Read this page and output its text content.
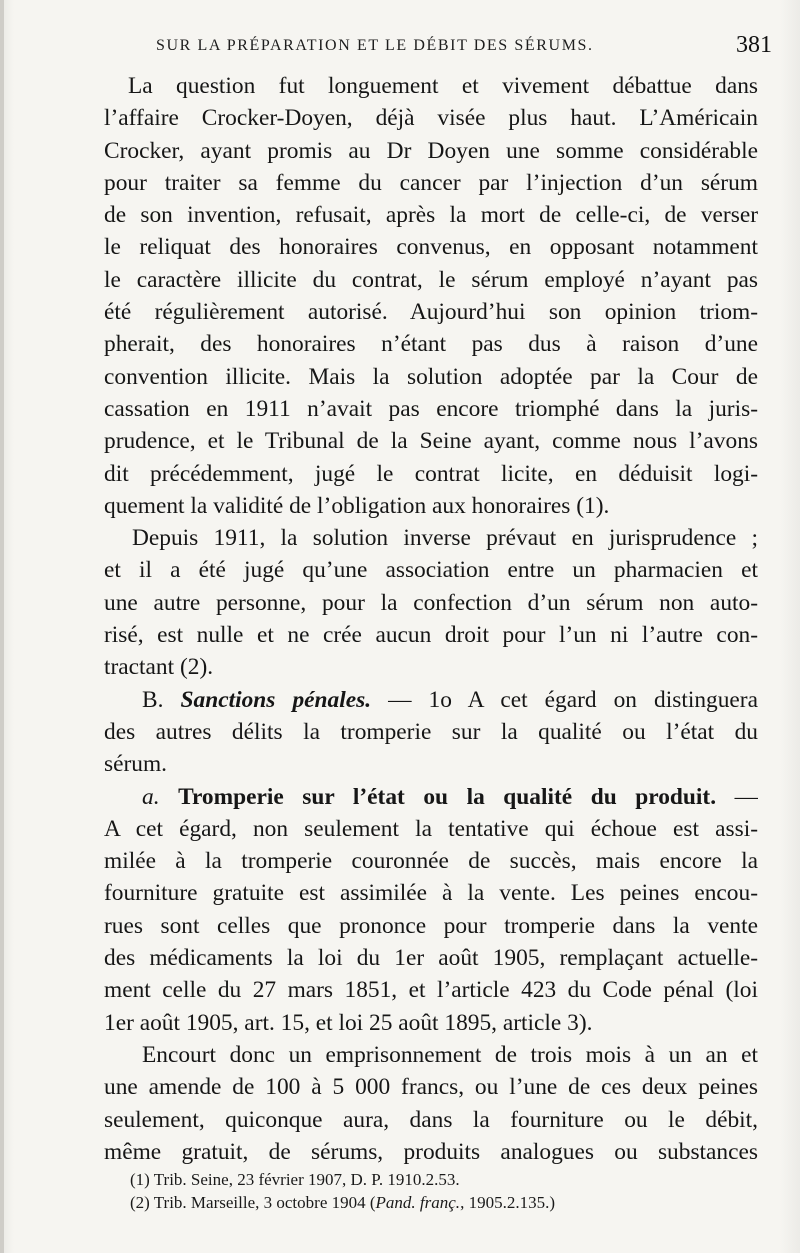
SUR LA PRÉPARATION ET LE DÉBIT DES SÉRUMS.	381
La question fut longuement et vivement débattue dans
l’affaire Crocker-Doyen, déjà visée plus haut. L’Américain
Crocker, ayant promis au Dr Doyen une somme considérable
pour traiter sa femme du cancer par l’injection d’un sérum
de son invention, refusait, après la mort de celle-ci, de verser
le reliquat des honoraires convenus, en opposant notamment
le caractère illicite du contrat, le sérum employé n’ayant pas
été régulièrement autorisé. Aujourd’hui son opinion triom-
pherait, des honoraires n’étant pas dus à raison d’une
convention illicite. Mais la solution adoptée par la Cour de
cassation en 1911 n’avait pas encore triomphé dans la juris-
prudence, et le Tribunal de la Seine ayant, comme nous l’avons
dit précédemment, jugé le contrat licite, en déduisit logi-
quement la validité de l’obligation aux honoraires (1).
Depuis 1911, la solution inverse prévaut en jurisprudence ;
et il a été jugé qu’une association entre un pharmacien et
une autre personne, pour la confection d’un sérum non auto-
risé, est nulle et ne crée aucun droit pour l’un ni l’autre con-
tractant (2).
B. Sanctions pénales. — 1o A cet égard on distinguera
des autres délits la tromperie sur la qualité ou l’état du
sérum.
a. Tromperie sur l’état ou la qualité du produit. —
A cet égard, non seulement la tentative qui échoue est assi-
milée à la tromperie couronnée de succès, mais encore la
fourniture gratuite est assimilée à la vente. Les peines encou-
rues sont celles que prononce pour tromperie dans la vente
des médicaments la loi du 1er août 1905, remplaçant actuelle-
ment celle du 27 mars 1851, et l’article 423 du Code pénal (loi
1er août 1905, art. 15, et loi 25 août 1895, article 3).
Encourt donc un emprisonnement de trois mois à un an et
une amende de 100 à 5 000 francs, ou l’une de ces deux peines
seulement, quiconque aura, dans la fourniture ou le débit,
même gratuit, de sérums, produits analogues ou substances
(1) Trib. Seine, 23 février 1907, D. P. 1910.2.53.
(2) Trib. Marseille, 3 octobre 1904 (Pand. franç., 1905.2.135.)
